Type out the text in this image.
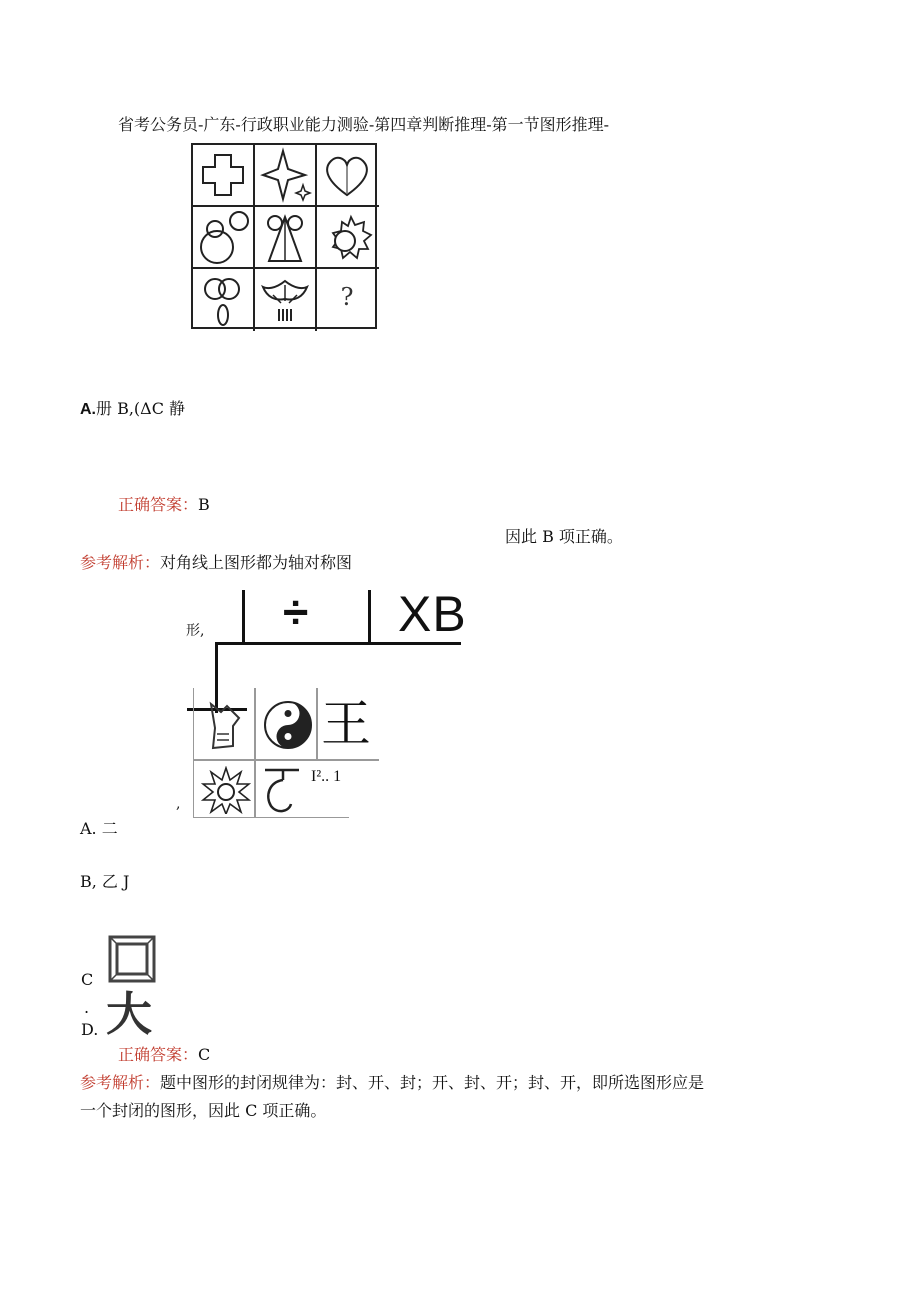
省考公务员-广东-行政职业能力测验-第四章判断推理-第一节图形推理-
?
A.册 B,(ΔC 静
正确答案：B
因此 B 项正确。
参考解析：对角线上图形都为轴对称图
形, ÷ XB
王
I².. 1
,
A. 二
B, 乙 J
C
.
D. 大
正确答案：C
参考解析：题中图形的封闭规律为：封、开、封；开、封、开；封、开，即所选图形应是
一个封闭的图形，因此 C 项正确。
